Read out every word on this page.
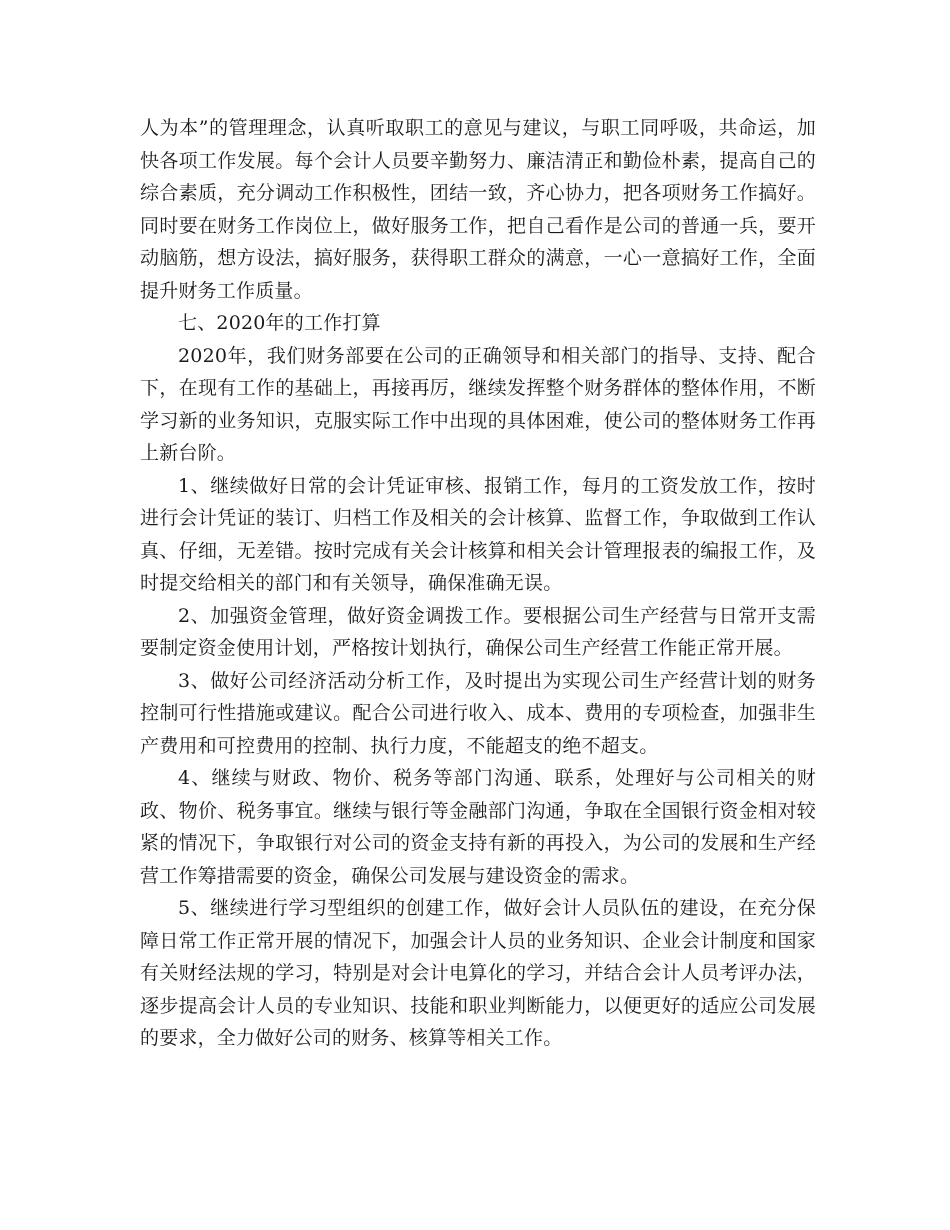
人为本”的管理理念，认真听取职工的意见与建议，与职工同呼吸，共命运，加快各项工作发展。每个会计人员要辛勤努力、廉洁清正和勤俭朴素，提高自己的综合素质，充分调动工作积极性，团结一致，齐心协力，把各项财务工作搞好。同时要在财务工作岗位上，做好服务工作，把自己看作是公司的普通一兵，要开动脑筋，想方设法，搞好服务，获得职工群众的满意，一心一意搞好工作，全面提升财务工作质量。

七、2020年的工作打算

2020年，我们财务部要在公司的正确领导和相关部门的指导、支持、配合下，在现有工作的基础上，再接再厉，继续发挥整个财务群体的整体作用，不断学习新的业务知识，克服实际工作中出现的具体困难，使公司的整体财务工作再上新台阶。

1、继续做好日常的会计凭证审核、报销工作，每月的工资发放工作，按时进行会计凭证的装订、归档工作及相关的会计核算、监督工作，争取做到工作认真、仔细，无差错。按时完成有关会计核算和相关会计管理报表的编报工作，及时提交给相关的部门和有关领导，确保准确无误。

2、加强资金管理，做好资金调拨工作。要根据公司生产经营与日常开支需要制定资金使用计划，严格按计划执行，确保公司生产经营工作能正常开展。

3、做好公司经济活动分析工作，及时提出为实现公司生产经营计划的财务控制可行性措施或建议。配合公司进行收入、成本、费用的专项检查，加强非生产费用和可控费用的控制、执行力度，不能超支的绝不超支。

4、继续与财政、物价、税务等部门沟通、联系，处理好与公司相关的财政、物价、税务事宜。继续与银行等金融部门沟通，争取在全国银行资金相对较紧的情况下，争取银行对公司的资金支持有新的再投入，为公司的发展和生产经营工作筹措需要的资金，确保公司发展与建设资金的需求。

5、继续进行学习型组织的创建工作，做好会计人员队伍的建设，在充分保障日常工作正常开展的情况下，加强会计人员的业务知识、企业会计制度和国家有关财经法规的学习，特别是对会计电算化的学习，并结合会计人员考评办法，逐步提高会计人员的专业知识、技能和职业判断能力，以便更好的适应公司发展的要求，全力做好公司的财务、核算等相关工作。
